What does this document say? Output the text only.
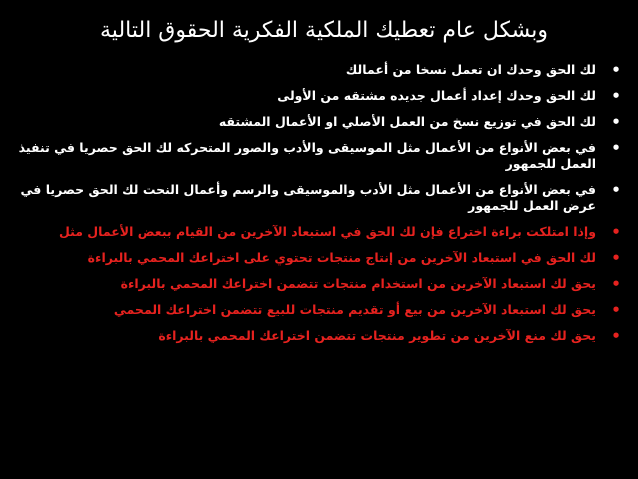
وبشكل عام تعطيك الملكية الفكرية الحقوق التالية
•
لك الحق وحدك ان تعمل نسخا من أعمالك
•
لك الحق وحدك إعداد أعمال جديده مشتقه من الأولى
•
لك الحق في توزيع نسخ من العمل الأصلي او الأعمال المشتقه
•
في بعض الأنواع من الأعمال مثل الموسيقى والأدب والصور المتحركه لك الحق حصريا في تنفيذ العمل للجمهور
•
في بعض الأنواع من الأعمال مثل الأدب والموسيقى والرسم وأعمال النحت لك الحق حصريا في عرض العمل للجمهور
•
وإذا امتلكت براءة اختراع فإن لك الحق في استبعاد الآخرين من القيام ببعض الأعمال مثل
•
لك الحق في استبعاد الآخرين من إنتاج منتجات تحتوي على اختراعك المحمي بالبراءة
•
يحق لك استبعاد الآخرين من استخدام منتجات تتضمن اختراعك المحمي بالبراءة
•
يحق لك استبعاد الآخرين من بيع أو تقديم منتجات للبيع تتضمن اختراعك المحمي
•
يحق لك منع الآخرين من تطوير منتجات تتضمن اختراعك المحمي بالبراءة
